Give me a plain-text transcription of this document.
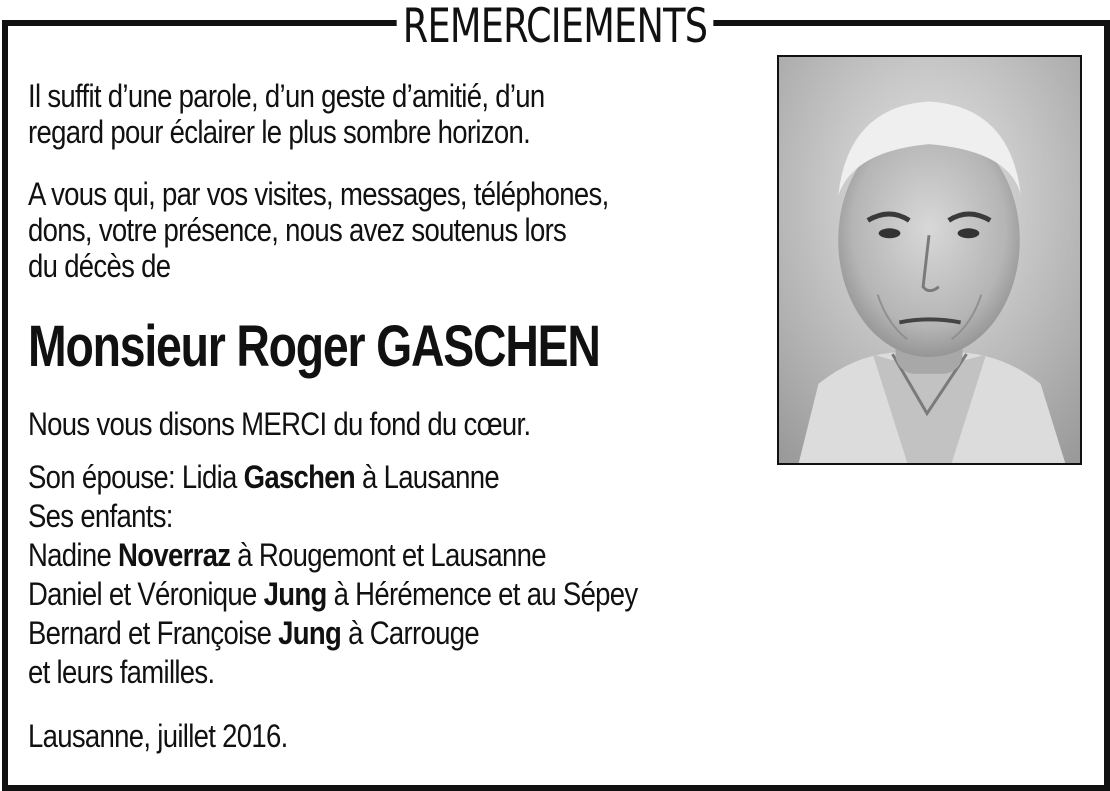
REMERCIEMENTS

Il suffit d’une parole, d’un geste d’amitié, d’un

regard pour éclairer le plus sombre horizon.

A vous qui, par vos visites, messages, téléphones,

dons, votre présence, nous avez soutenus lors

du décès de

Monsieur Roger GASCHEN
Nous vous disons MERCI du fond du cœur.
Son épouse: Lidia Gaschen à Lausanne
Ses enfants:
Nadine Noverraz à Rougemont et Lausanne
Daniel et Véronique Jung à Hérémence et au Sépey
Bernard et Françoise Jung à Carrouge
et leurs familles.
Lausanne, juillet 2016.
